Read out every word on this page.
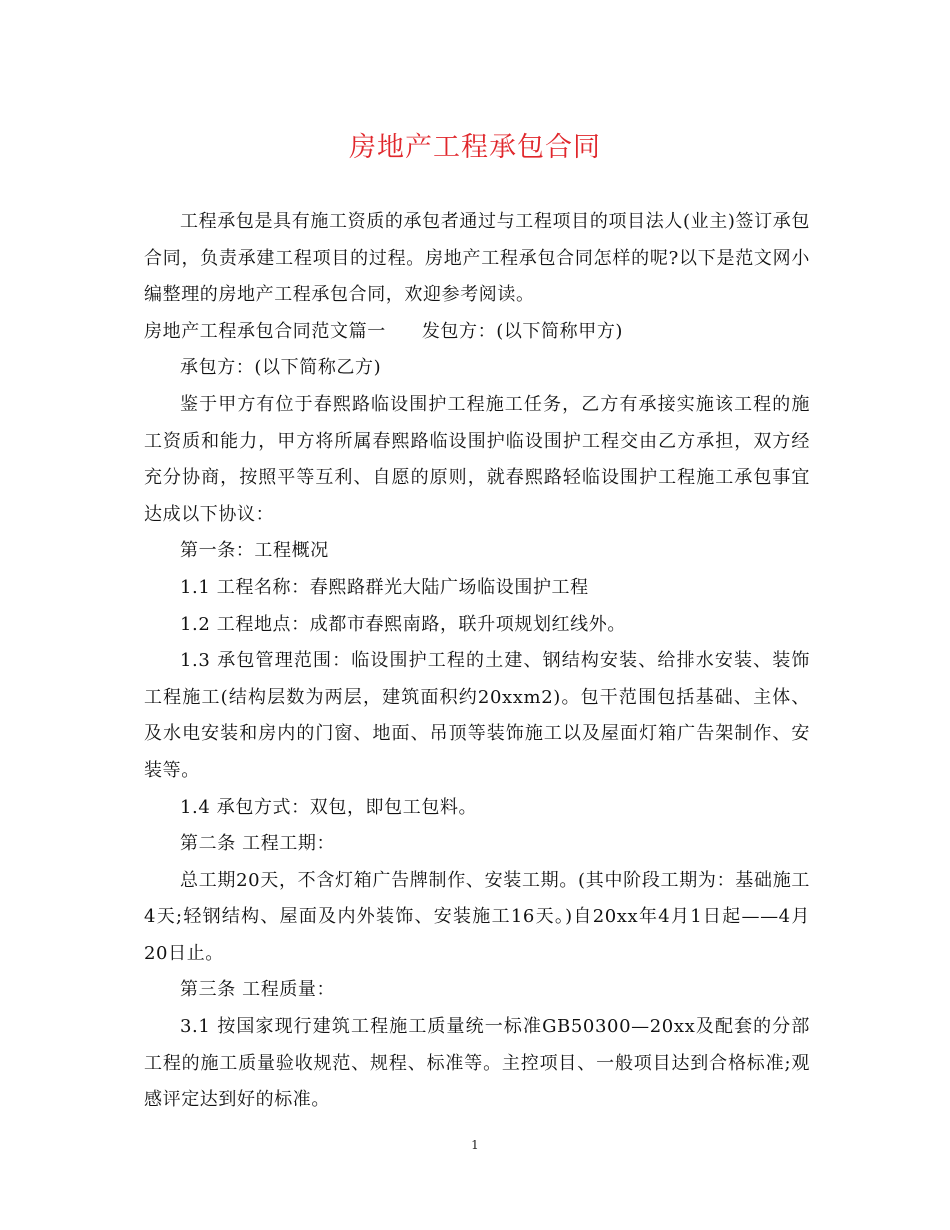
房地产工程承包合同

工程承包是具有施工资质的承包者通过与工程项目的项目法人(业主)签订承包合同，负责承建工程项目的过程。房地产工程承包合同怎样的呢?以下是范文网小编整理的房地产工程承包合同，欢迎参考阅读。

房地产工程承包合同范文篇一 发包方：(以下简称甲方)

承包方：(以下简称乙方)

鉴于甲方有位于春熙路临设围护工程施工任务，乙方有承接实施该工程的施工资质和能力，甲方将所属春熙路临设围护临设围护工程交由乙方承担，双方经充分协商，按照平等互利、自愿的原则，就春熙路轻临设围护工程施工承包事宜达成以下协议：

第一条：工程概况

1.1 工程名称：春熙路群光大陆广场临设围护工程

1.2 工程地点：成都市春熙南路，联升项规划红线外。

1.3 承包管理范围：临设围护工程的土建、钢结构安装、给排水安装、装饰工程施工(结构层数为两层，建筑面积约20xxm2)。包干范围包括基础、主体、及水电安装和房内的门窗、地面、吊顶等装饰施工以及屋面灯箱广告架制作、安装等。

1.4 承包方式：双包，即包工包料。

第二条 工程工期：

总工期20天，不含灯箱广告牌制作、安装工期。(其中阶段工期为：基础施工4天;轻钢结构、屋面及内外装饰、安装施工16天。)自20xx年4月1日起——4月20日止。

第三条 工程质量：

3.1 按国家现行建筑工程施工质量统一标准GB50300—20xx及配套的分部工程的施工质量验收规范、规程、标准等。主控项目、一般项目达到合格标准;观感评定达到好的标准。

1
